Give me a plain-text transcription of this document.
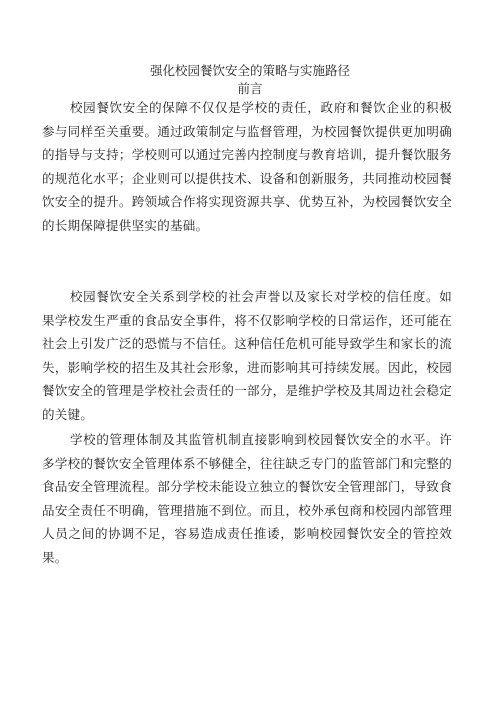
强化校园餐饮安全的策略与实施路径
前言

校园餐饮安全的保障不仅仅是学校的责任，政府和餐饮企业的积极参与同样至关重要。通过政策制定与监督管理，为校园餐饮提供更加明确的指导与支持；学校则可以通过完善内控制度与教育培训，提升餐饮服务的规范化水平；企业则可以提供技术、设备和创新服务，共同推动校园餐饮安全的提升。跨领域合作将实现资源共享、优势互补，为校园餐饮安全的长期保障提供坚实的基础。

校园餐饮安全关系到学校的社会声誉以及家长对学校的信任度。如果学校发生严重的食品安全事件，将不仅影响学校的日常运作，还可能在社会上引发广泛的恐慌与不信任。这种信任危机可能导致学生和家长的流失，影响学校的招生及其社会形象，进而影响其可持续发展。因此，校园餐饮安全的管理是学校社会责任的一部分，是维护学校及其周边社会稳定的关键。

学校的管理体制及其监管机制直接影响到校园餐饮安全的水平。许多学校的餐饮安全管理体系不够健全，往往缺乏专门的监管部门和完整的食品安全管理流程。部分学校未能设立独立的餐饮安全管理部门，导致食品安全责任不明确，管理措施不到位。而且，校外承包商和校园内部管理人员之间的协调不足，容易造成责任推诿，影响校园餐饮安全的管控效果。
